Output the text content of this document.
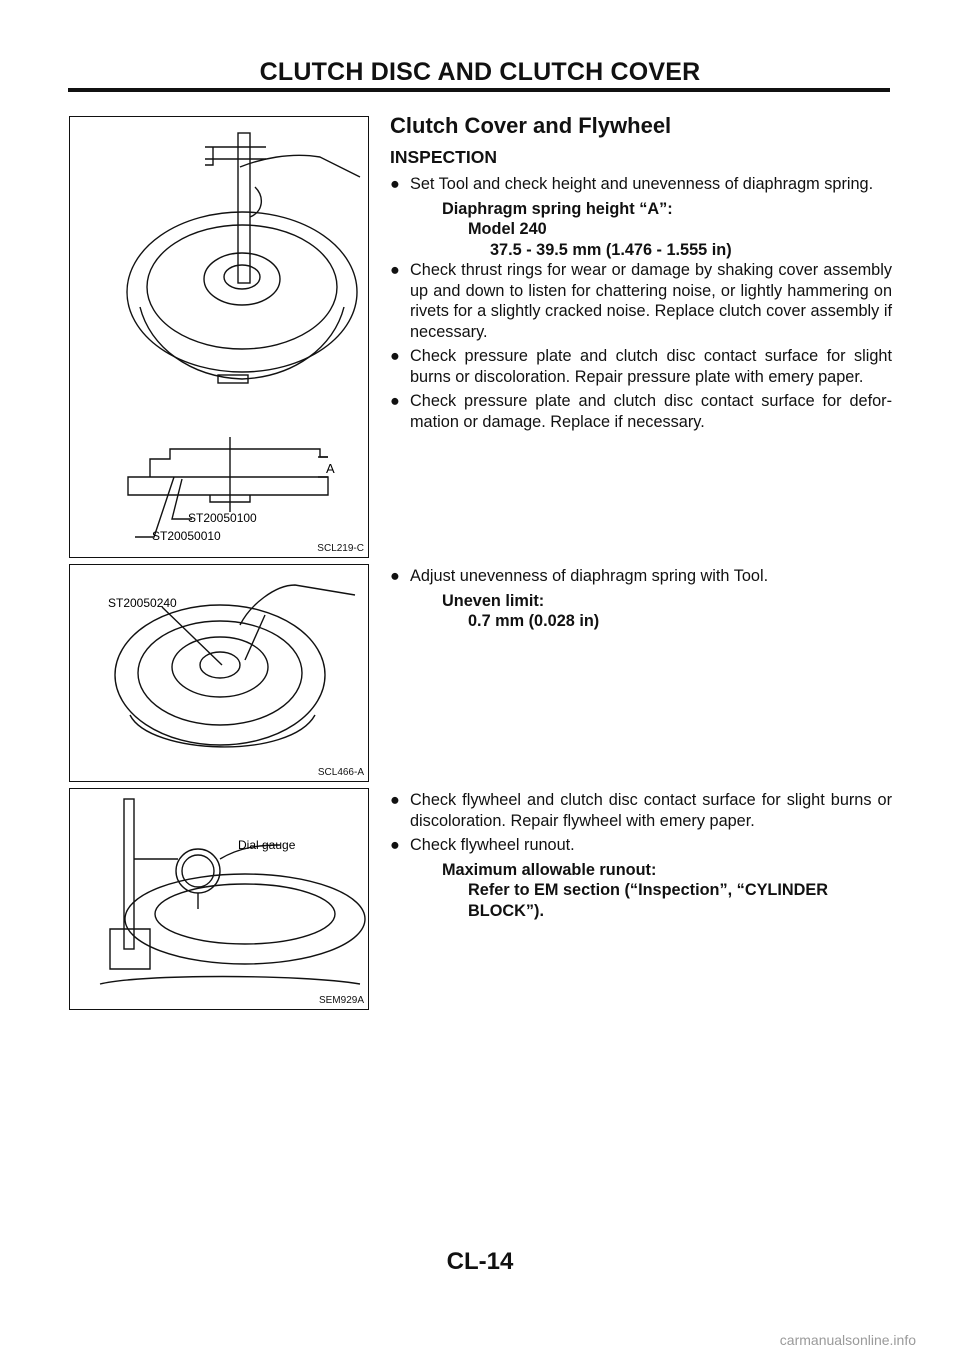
CLUTCH DISC AND CLUTCH COVER
A
ST20050100
ST20050010
SCL219-C
Clutch Cover and Flywheel
INSPECTION
● Set Tool and check height and unevenness of diaphragm spring.
Diaphragm spring height “A”:
Model 240
37.5 - 39.5 mm (1.476 - 1.555 in)
● Check thrust rings for wear or damage by shaking cover assembly up and down to listen for chattering noise, or lightly hammering on rivets for a slightly cracked noise. Replace clutch cover assembly if necessary.
● Check pressure plate and clutch disc contact surface for slight burns or discoloration. Repair pressure plate with emery paper.
● Check pressure plate and clutch disc contact surface for defor-mation or damage. Replace if necessary.
ST20050240
SCL466-A
● Adjust unevenness of diaphragm spring with Tool.
Uneven limit:
0.7 mm (0.028 in)
Dial gauge
SEM929A
● Check flywheel and clutch disc contact surface for slight burns or discoloration. Repair flywheel with emery paper.
● Check flywheel runout.
Maximum allowable runout:
Refer to EM section (“Inspection”, “CYLINDER
BLOCK”).
CL-14
carmanualsonline.info
